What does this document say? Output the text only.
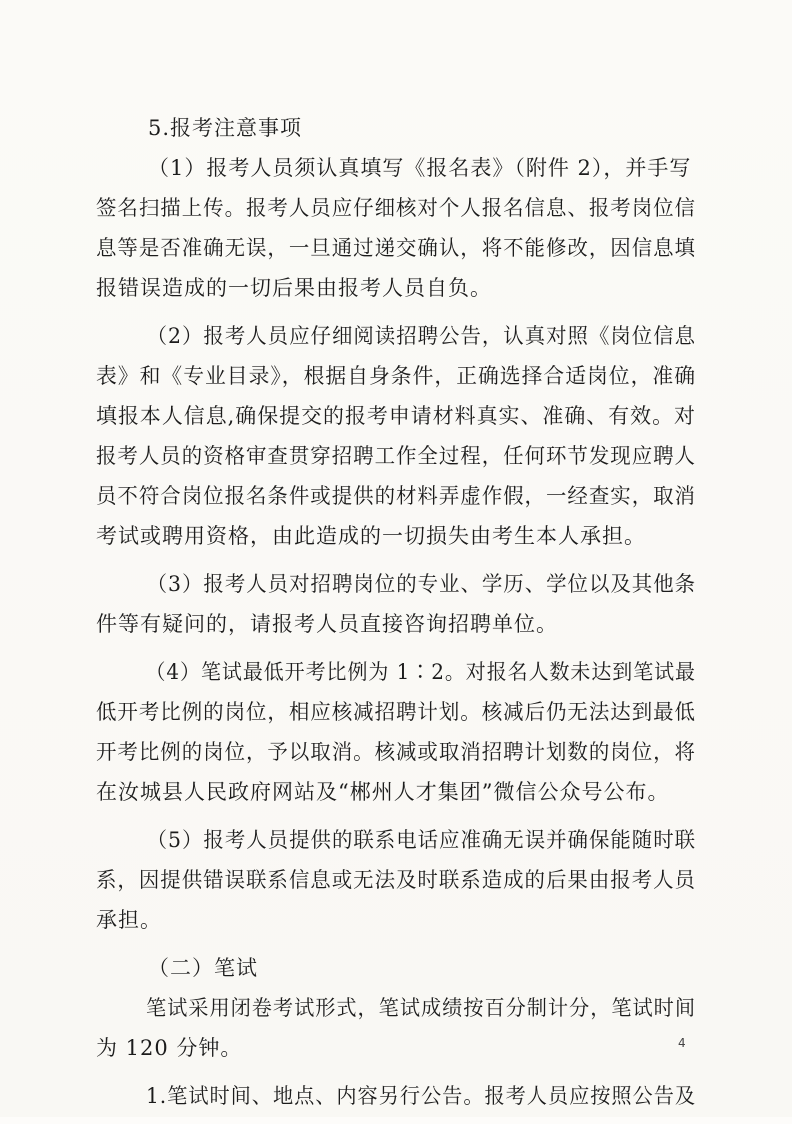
5.报考注意事项
（1）报考人员须认真填写《报名表》（附件 2），并手写
签名扫描上传。报考人员应仔细核对个人报名信息、报考岗位信
息等是否准确无误，一旦通过递交确认，将不能修改，因信息填
报错误造成的一切后果由报考人员自负。
（2）报考人员应仔细阅读招聘公告，认真对照《岗位信息
表》和《专业目录》，根据自身条件，正确选择合适岗位，准确
填报本人信息,确保提交的报考申请材料真实、准确、有效。对
报考人员的资格审查贯穿招聘工作全过程，任何环节发现应聘人
员不符合岗位报名条件或提供的材料弄虚作假，一经查实，取消
考试或聘用资格，由此造成的一切损失由考生本人承担。
（3）报考人员对招聘岗位的专业、学历、学位以及其他条
件等有疑问的，请报考人员直接咨询招聘单位。
（4）笔试最低开考比例为 1∶2。对报名人数未达到笔试最
低开考比例的岗位，相应核减招聘计划。核减后仍无法达到最低
开考比例的岗位，予以取消。核减或取消招聘计划数的岗位，将
在汝城县人民政府网站及“郴州人才集团”微信公众号公布。
（5）报考人员提供的联系电话应准确无误并确保能随时联
系，因提供错误联系信息或无法及时联系造成的后果由报考人员
承担。
（二）笔试
笔试采用闭卷考试形式，笔试成绩按百分制计分，笔试时间
为 120 分钟。
1.笔试时间、地点、内容另行公告。报考人员应按照公告及
4
